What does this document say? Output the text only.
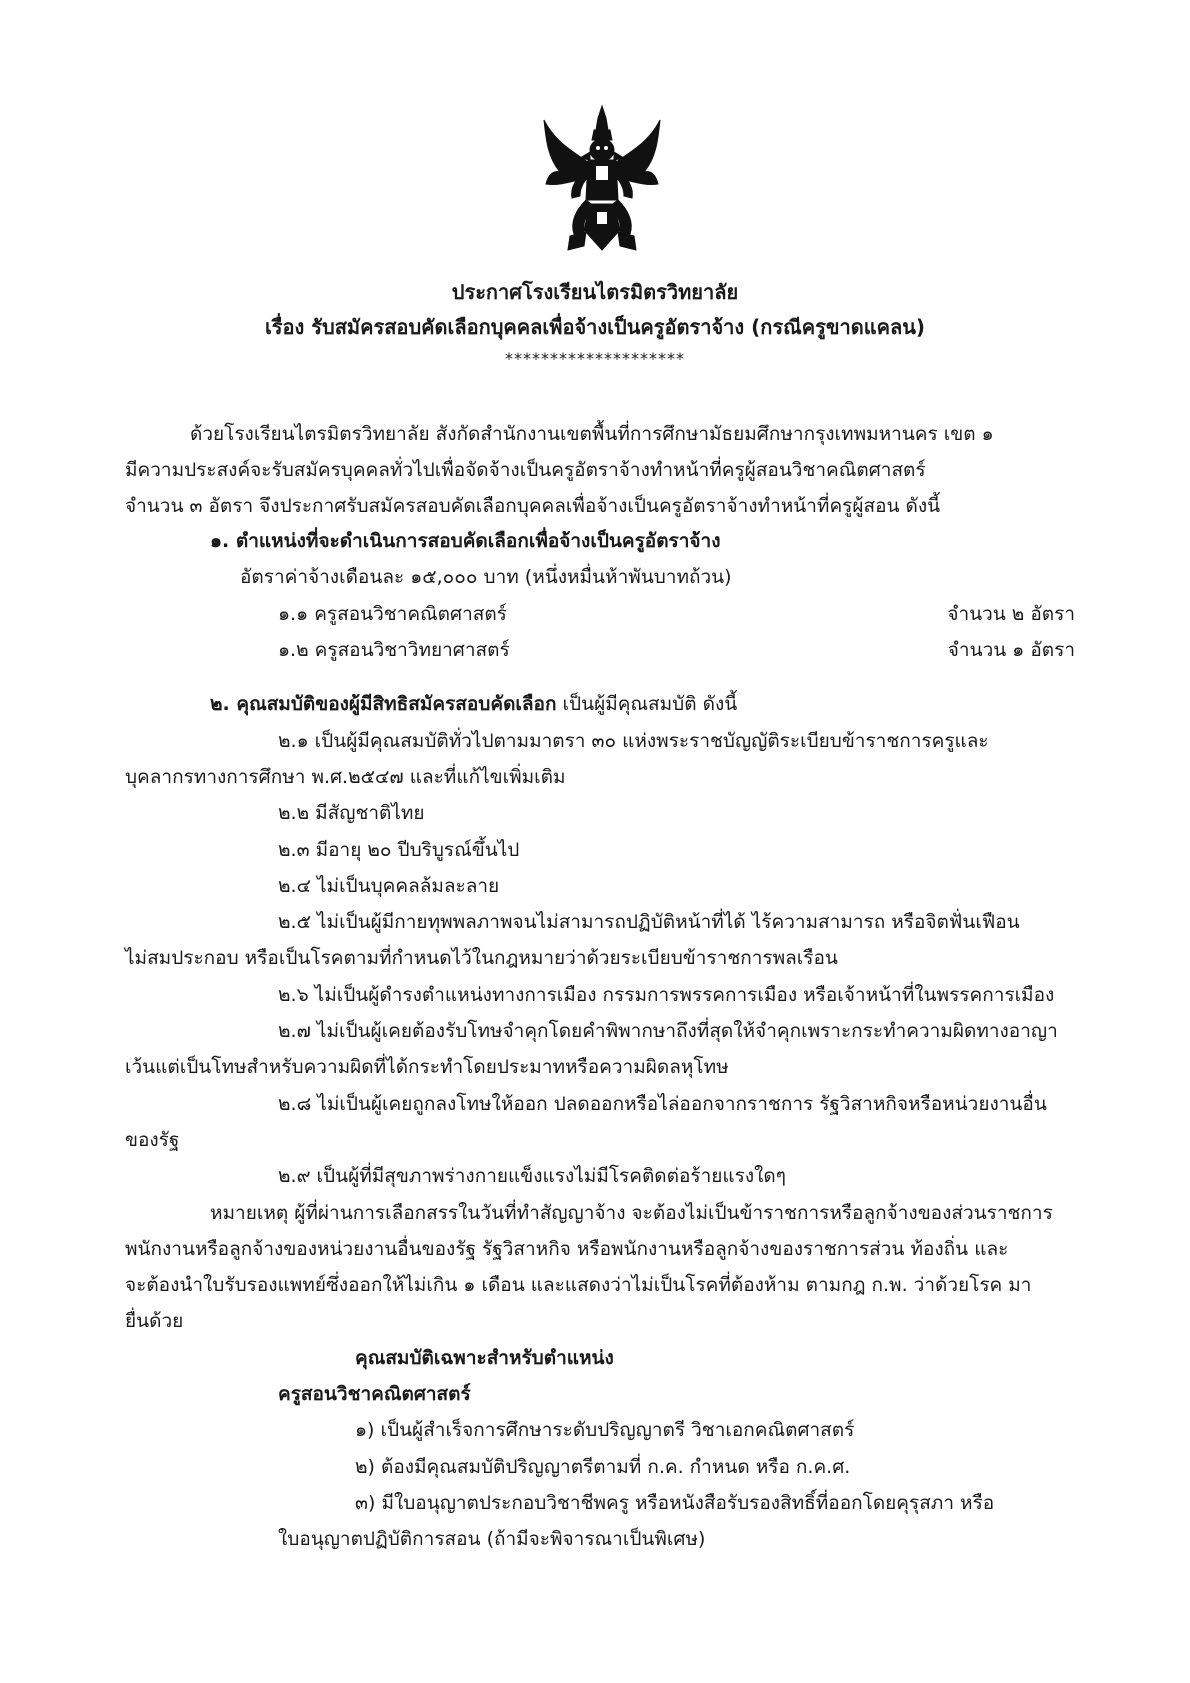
ประกาศโรงเรียนไตรมิตรวิทยาลัย
เรื่อง รับสมัครสอบคัดเลือกบุคคลเพื่อจ้างเป็นครูอัตราจ้าง (กรณีครูขาดแคลน)
********************
ด้วยโรงเรียนไตรมิตรวิทยาลัย สังกัดสำนักงานเขตพื้นที่การศึกษามัธยมศึกษากรุงเทพมหานคร เขต ๑
มีความประสงค์จะรับสมัครบุคคลทั่วไปเพื่อจัดจ้างเป็นครูอัตราจ้างทำหน้าที่ครูผู้สอนวิชาคณิตศาสตร์
จำนวน ๓ อัตรา จึงประกาศรับสมัครสอบคัดเลือกบุคคลเพื่อจ้างเป็นครูอัตราจ้างทำหน้าที่ครูผู้สอน ดังนี้
๑. ตำแหน่งที่จะดำเนินการสอบคัดเลือกเพื่อจ้างเป็นครูอัตราจ้าง
อัตราค่าจ้างเดือนละ ๑๕,๐๐๐ บาท (หนึ่งหมื่นห้าพันบาทถ้วน)
๑.๑ ครูสอนวิชาคณิตศาสตร์	จำนวน ๒ อัตรา
๑.๒ ครูสอนวิชาวิทยาศาสตร์	จำนวน ๑ อัตรา
๒. คุณสมบัติของผู้มีสิทธิสมัครสอบคัดเลือก เป็นผู้มีคุณสมบัติ ดังนี้
๒.๑ เป็นผู้มีคุณสมบัติทั่วไปตามมาตรา ๓๐ แห่งพระราชบัญญัติระเบียบข้าราชการครูและ
บุคลากรทางการศึกษา พ.ศ.๒๕๔๗ และที่แก้ไขเพิ่มเติม
๒.๒ มีสัญชาติไทย
๒.๓ มีอายุ ๒๐ ปีบริบูรณ์ขึ้นไป
๒.๔ ไม่เป็นบุคคลล้มละลาย
๒.๕ ไม่เป็นผู้มีกายทุพพลภาพจนไม่สามารถปฏิบัติหน้าที่ได้ ไร้ความสามารถ หรือจิตฟั่นเฟือน
ไม่สมประกอบ หรือเป็นโรคตามที่กำหนดไว้ในกฎหมายว่าด้วยระเบียบข้าราชการพลเรือน
๒.๖ ไม่เป็นผู้ดำรงตำแหน่งทางการเมือง กรรมการพรรคการเมือง หรือเจ้าหน้าที่ในพรรคการเมือง
๒.๗ ไม่เป็นผู้เคยต้องรับโทษจำคุกโดยคำพิพากษาถึงที่สุดให้จำคุกเพราะกระทำความผิดทางอาญา
เว้นแต่เป็นโทษสำหรับความผิดที่ได้กระทำโดยประมาทหรือความผิดลหุโทษ
๒.๘ ไม่เป็นผู้เคยถูกลงโทษให้ออก ปลดออกหรือไล่ออกจากราชการ รัฐวิสาหกิจหรือหน่วยงานอื่น
ของรัฐ
๒.๙ เป็นผู้ที่มีสุขภาพร่างกายแข็งแรงไม่มีโรคติดต่อร้ายแรงใดๆ
หมายเหตุ ผู้ที่ผ่านการเลือกสรรในวันที่ทำสัญญาจ้าง จะต้องไม่เป็นข้าราชการหรือลูกจ้างของส่วนราชการ
พนักงานหรือลูกจ้างของหน่วยงานอื่นของรัฐ รัฐวิสาหกิจ หรือพนักงานหรือลูกจ้างของราชการส่วน ท้องถิ่น และ
จะต้องนำใบรับรองแพทย์ซึ่งออกให้ไม่เกิน ๑ เดือน และแสดงว่าไม่เป็นโรคที่ต้องห้าม ตามกฎ ก.พ. ว่าด้วยโรค มา
ยื่นด้วย
คุณสมบัติเฉพาะสำหรับตำแหน่ง
ครูสอนวิชาคณิตศาสตร์
๑) เป็นผู้สำเร็จการศึกษาระดับปริญญาตรี วิชาเอกคณิตศาสตร์
๒) ต้องมีคุณสมบัติปริญญาตรีตามที่ ก.ค. กำหนด หรือ ก.ค.ศ.
๓) มีใบอนุญาตประกอบวิชาชีพครู หรือหนังสือรับรองสิทธิ์ที่ออกโดยคุรุสภา หรือ
ใบอนุญาตปฏิบัติการสอน (ถ้ามีจะพิจารณาเป็นพิเศษ)
